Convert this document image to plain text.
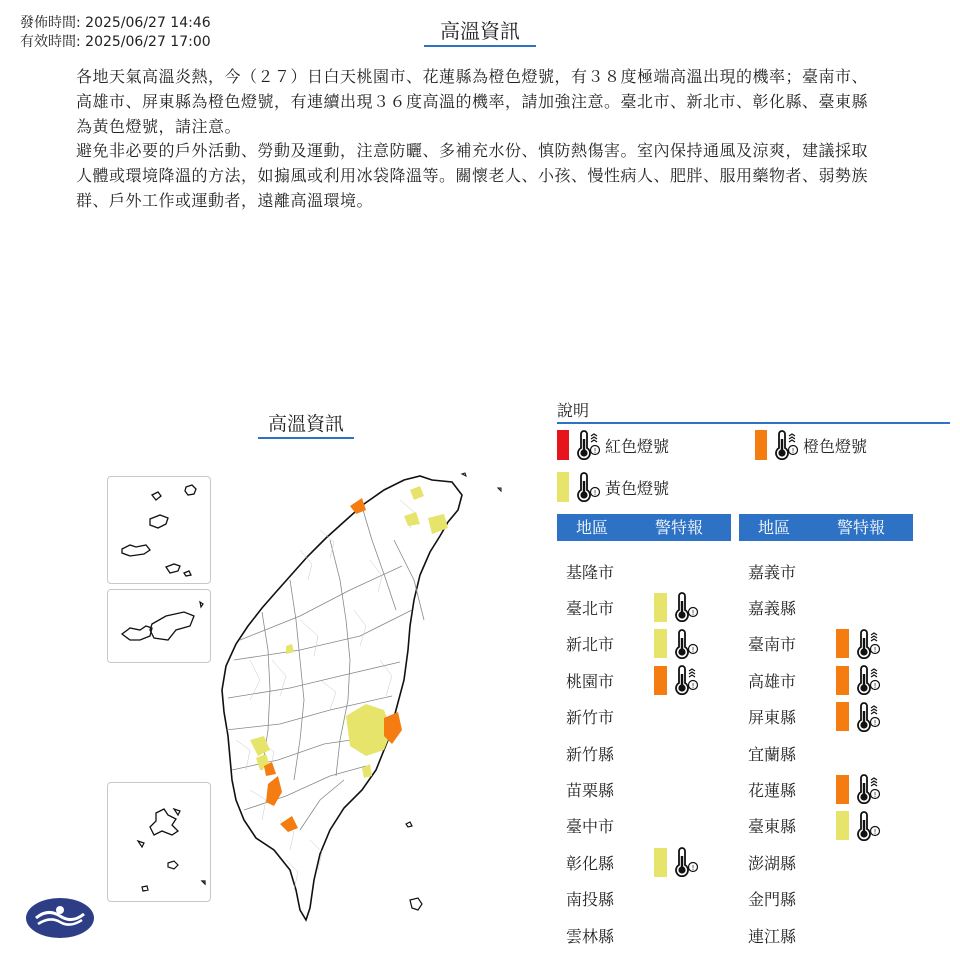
發佈時間: 2025/06/27 14:46
有效時間: 2025/06/27 17:00	高溫資訊

各地天氣高溫炎熱，今（２７）日白天桃園市、花蓮縣為橙色燈號，有３８度極端高溫出現的機率；臺南市、高雄市、屏東縣為橙色燈號，有連續出現３６度高溫的機率，請加強注意。臺北市、新北市、彰化縣、臺東縣為黃色燈號，請注意。

避免非必要的戶外活動、勞動及運動，注意防曬、多補充水份、慎防熱傷害。室內保持通風及涼爽，建議採取人體或環境降溫的方法，如搧風或利用冰袋降溫等。關懷老人、小孩、慢性病人、肥胖、服用藥物者、弱勢族群、戶外工作或運動者，遠離高溫環境。

高溫資訊
說明
! 紅色燈號	! 橙色燈號
! 黃色燈號
地區	警特報	地區	警特報
基隆市
臺北市	!
新北市	!
桃園市	!
新竹市
新竹縣
苗栗縣
臺中市
彰化縣	!
南投縣
雲林縣
嘉義市
嘉義縣
臺南市	!
高雄市	!
屏東縣	!
宜蘭縣
花蓮縣	!
臺東縣	!
澎湖縣
金門縣
連江縣
